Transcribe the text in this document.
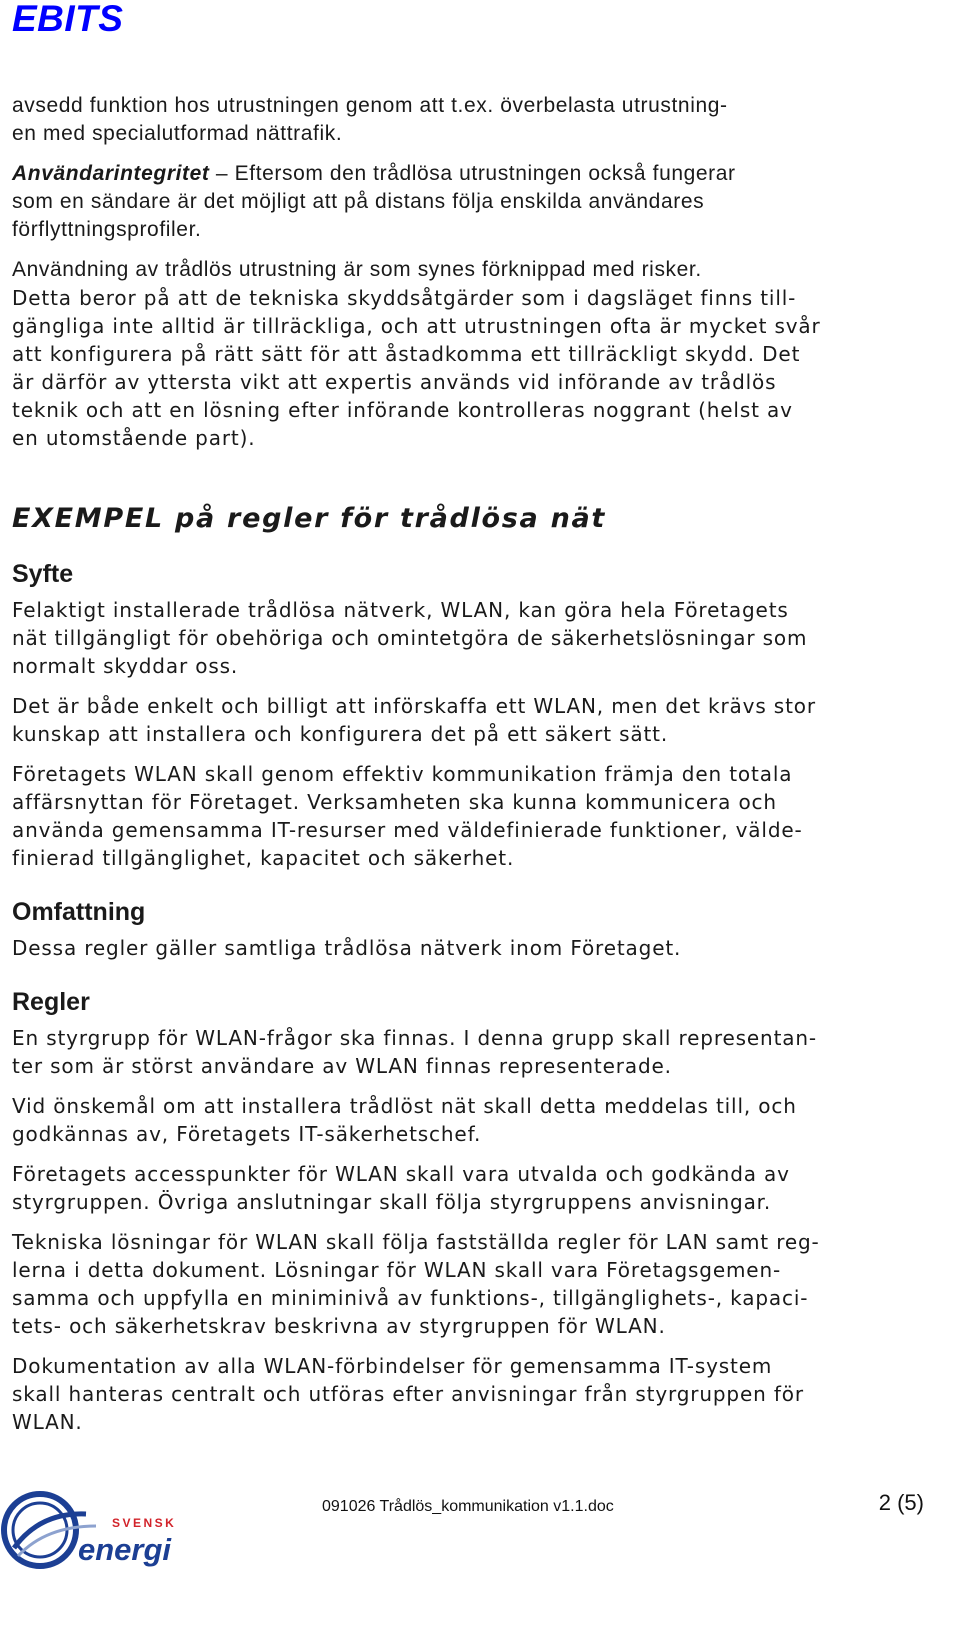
EBITS
avsedd funktion hos utrustningen genom att t.ex. överbelasta utrustning-
en med specialutformad nättrafik.
Användarintegritet – Eftersom den trådlösa utrustningen också fungerar
som en sändare är det möjligt att på distans följa enskilda användares
förflyttningsprofiler.
Användning av trådlös utrustning är som synes förknippad med risker.
Detta beror på att de tekniska skyddsåtgärder som i dagsläget finns till-
gängliga inte alltid är tillräckliga, och att utrustningen ofta är mycket svår
att konfigurera på rätt sätt för att åstadkomma ett tillräckligt skydd. Det
är därför av yttersta vikt att expertis används vid införande av trådlös
teknik och att en lösning efter införande kontrolleras noggrant (helst av
en utomstående part).
EXEMPEL på regler för trådlösa nät
Syfte
Felaktigt installerade trådlösa nätverk, WLAN, kan göra hela Företagets
nät tillgängligt för obehöriga och omintetgöra de säkerhetslösningar som
normalt skyddar oss.
Det är både enkelt och billigt att införskaffa ett WLAN, men det krävs stor
kunskap att installera och konfigurera det på ett säkert sätt.
Företagets WLAN skall genom effektiv kommunikation främja den totala
affärsnyttan för Företaget. Verksamheten ska kunna kommunicera och
använda gemensamma IT-resurser med väldefinierade funktioner, välde-
finierad tillgänglighet, kapacitet och säkerhet.
Omfattning
Dessa regler gäller samtliga trådlösa nätverk inom Företaget.
Regler
En styrgrupp för WLAN-frågor ska finnas. I denna grupp skall representan-
ter som är störst användare av WLAN finnas representerade.
Vid önskemål om att installera trådlöst nät skall detta meddelas till, och
godkännas av, Företagets IT-säkerhetschef.
Företagets accesspunkter för WLAN skall vara utvalda och godkända av
styrgruppen. Övriga anslutningar skall följa styrgruppens anvisningar.
Tekniska lösningar för WLAN skall följa fastställda regler för LAN samt reg-
lerna i detta dokument. Lösningar för WLAN skall vara Företagsgemen-
samma och uppfylla en miniminivå av funktions-, tillgänglighets-, kapaci-
tets- och säkerhetskrav beskrivna av styrgruppen för WLAN.
Dokumentation av alla WLAN-förbindelser för gemensamma IT-system
skall hanteras centralt och utföras efter anvisningar från styrgruppen för
WLAN.
SVENSK
energi
091026 Trådlös_kommunikation v1.1.doc	2 (5)
